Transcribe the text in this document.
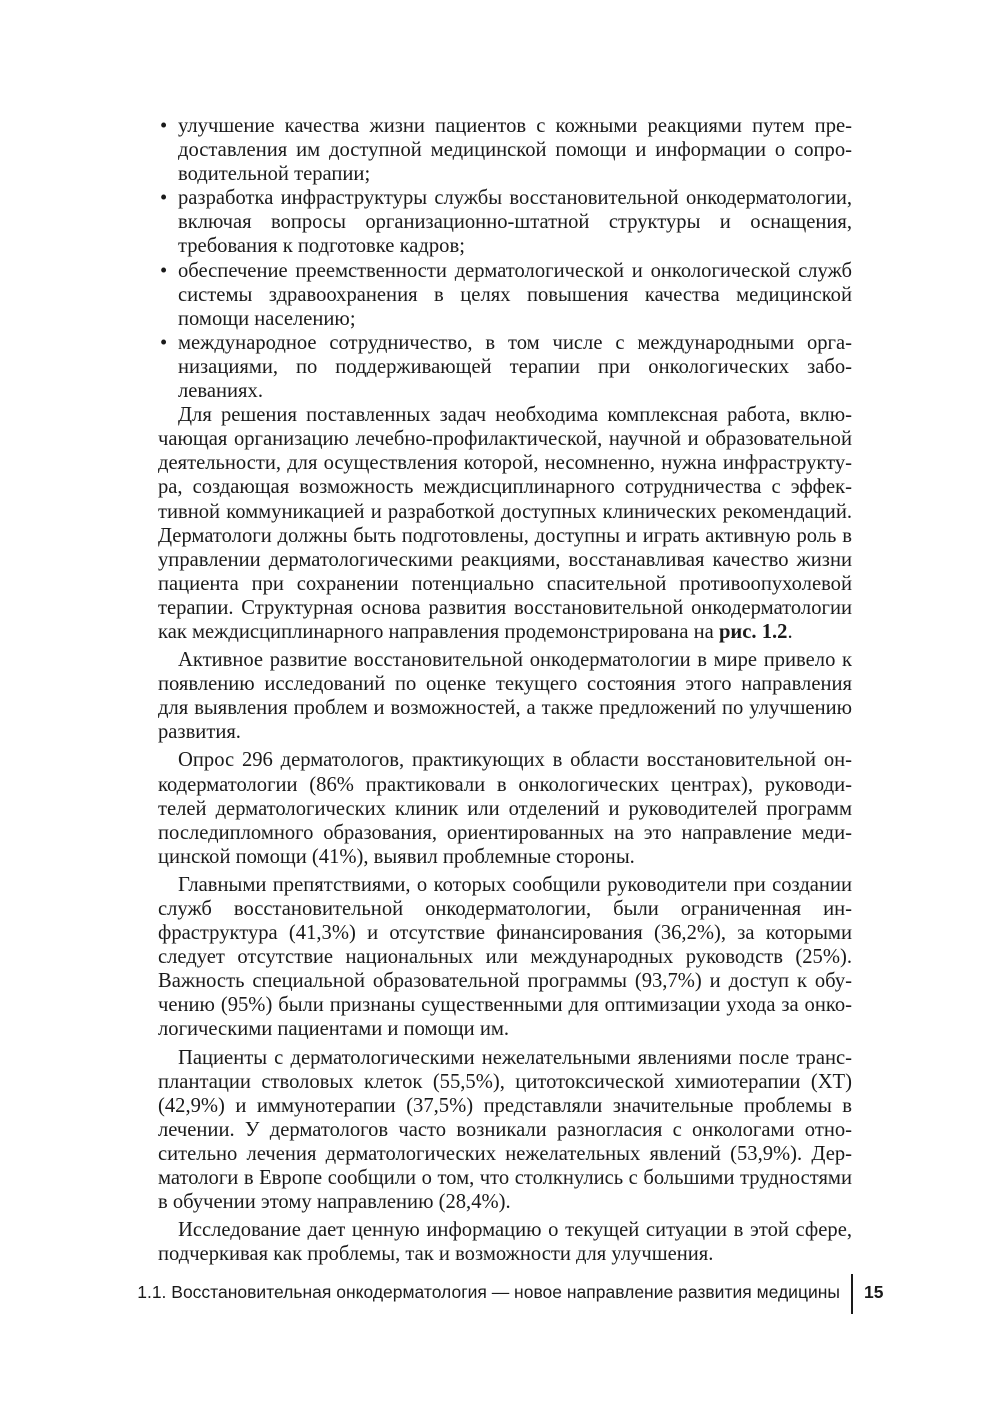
• улучшение качества жизни пациентов с кожными реакциями путем предоставления им доступной медицинской помощи и информации о сопроводительной терапии;
• разработка инфраструктуры службы восстановительной онкодерматологии, включая вопросы организационно-штатной структуры и оснащения, требования к подготовке кадров;
• обеспечение преемственности дерматологической и онкологической служб системы здравоохранения в целях повышения качества медицинской помощи населению;
• международное сотрудничество, в том числе с международными организациями, по поддерживающей терапии при онкологических заболеваниях.

Для решения поставленных задач необходима комплексная работа, включающая организацию лечебно-профилактической, научной и образовательной деятельности, для осуществления которой, несомненно, нужна инфраструктура, создающая возможность междисциплинарного сотрудничества с эффективной коммуникацией и разработкой доступных клинических рекомендаций. Дерматологи должны быть подготовлены, доступны и играть активную роль в управлении дерматологическими реакциями, восстанавливая качество жизни пациента при сохранении потенциально спасительной противоопухолевой терапии. Структурная основа развития восстановительной онкодерматологии как междисциплинарного направления продемонстрирована на рис. 1.2.

Активное развитие восстановительной онкодерматологии в мире привело к появлению исследований по оценке текущего состояния этого направления для выявления проблем и возможностей, а также предложений по улучшению развития.

Опрос 296 дерматологов, практикующих в области восстановительной онкодерматологии (86% практиковали в онкологических центрах), руководителей дерматологических клиник или отделений и руководителей программ последипломного образования, ориентированных на это направление медицинской помощи (41%), выявил проблемные стороны.

Главными препятствиями, о которых сообщили руководители при создании служб восстановительной онкодерматологии, были ограниченная инфраструктура (41,3%) и отсутствие финансирования (36,2%), за которыми следует отсутствие национальных или международных руководств (25%). Важность специальной образовательной программы (93,7%) и доступ к обучению (95%) были признаны существенными для оптимизации ухода за онкологическими пациентами и помощи им.

Пациенты с дерматологическими нежелательными явлениями после трансплантации стволовых клеток (55,5%), цитотоксической химиотерапии (ХТ) (42,9%) и иммунотерапии (37,5%) представляли значительные проблемы в лечении. У дерматологов часто возникали разногласия с онкологами относительно лечения дерматологических нежелательных явлений (53,9%). Дерматологи в Европе сообщили о том, что столкнулись с большими трудностями в обучении этому направлению (28,4%).

Исследование дает ценную информацию о текущей ситуации в этой сфере, подчеркивая как проблемы, так и возможности для улучшения.

1.1. Восстановительная онкодерматология — новое направление развития медицины 15
